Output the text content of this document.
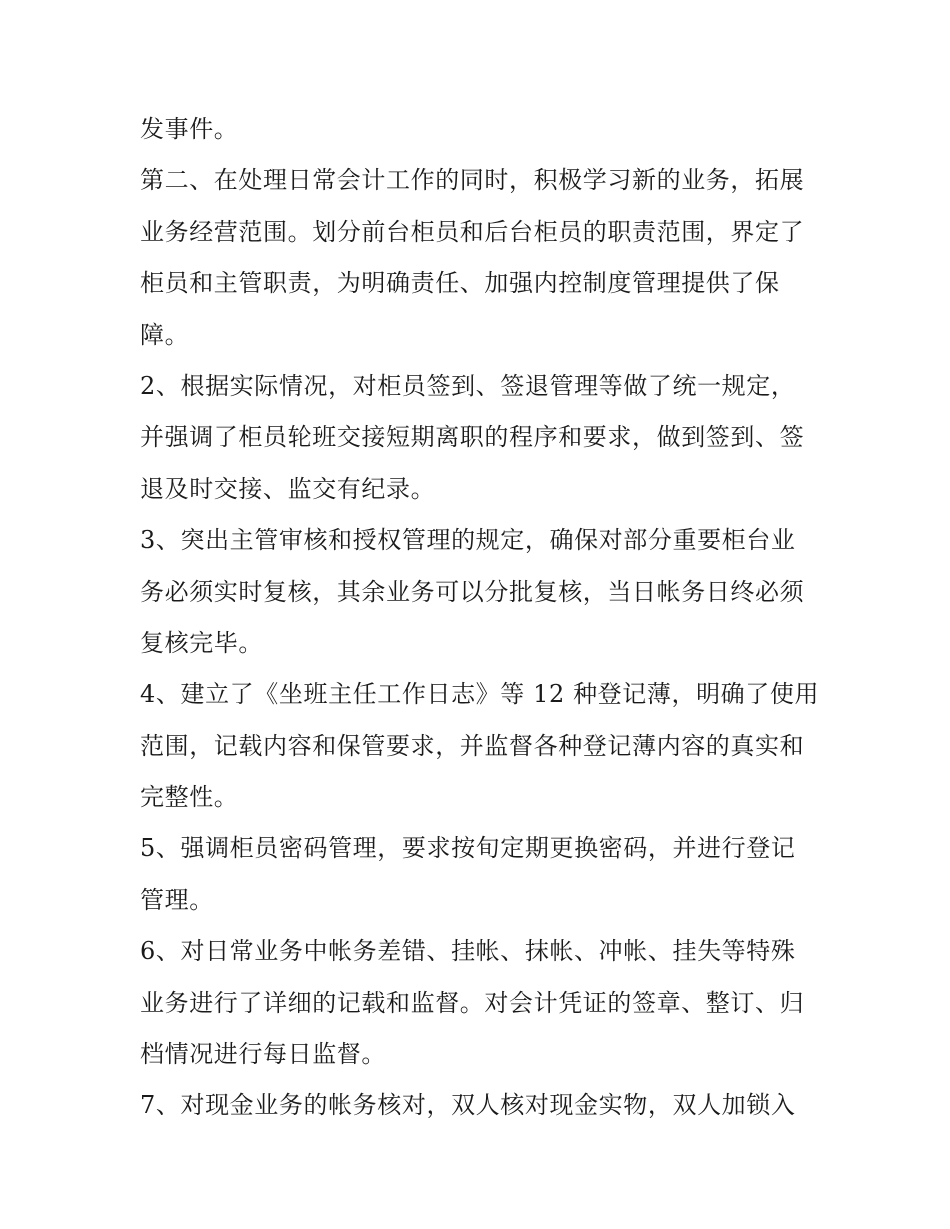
发事件。
第二、在处理日常会计工作的同时，积极学习新的业务，拓展
业务经营范围。划分前台柜员和后台柜员的职责范围，界定了
柜员和主管职责，为明确责任、加强内控制度管理提供了保
障。
2、根据实际情况，对柜员签到、签退管理等做了统一规定，
并强调了柜员轮班交接短期离职的程序和要求，做到签到、签
退及时交接、监交有纪录。
3、突出主管审核和授权管理的规定，确保对部分重要柜台业
务必须实时复核，其余业务可以分批复核，当日帐务日终必须
复核完毕。
4、建立了《坐班主任工作日志》等 12 种登记薄，明确了使用
范围，记载内容和保管要求，并监督各种登记薄内容的真实和
完整性。
5、强调柜员密码管理，要求按旬定期更换密码，并进行登记
管理。
6、对日常业务中帐务差错、挂帐、抹帐、冲帐、挂失等特殊
业务进行了详细的记载和监督。对会计凭证的签章、整订、归
档情况进行每日监督。
7、对现金业务的帐务核对，双人核对现金实物，双人加锁入
